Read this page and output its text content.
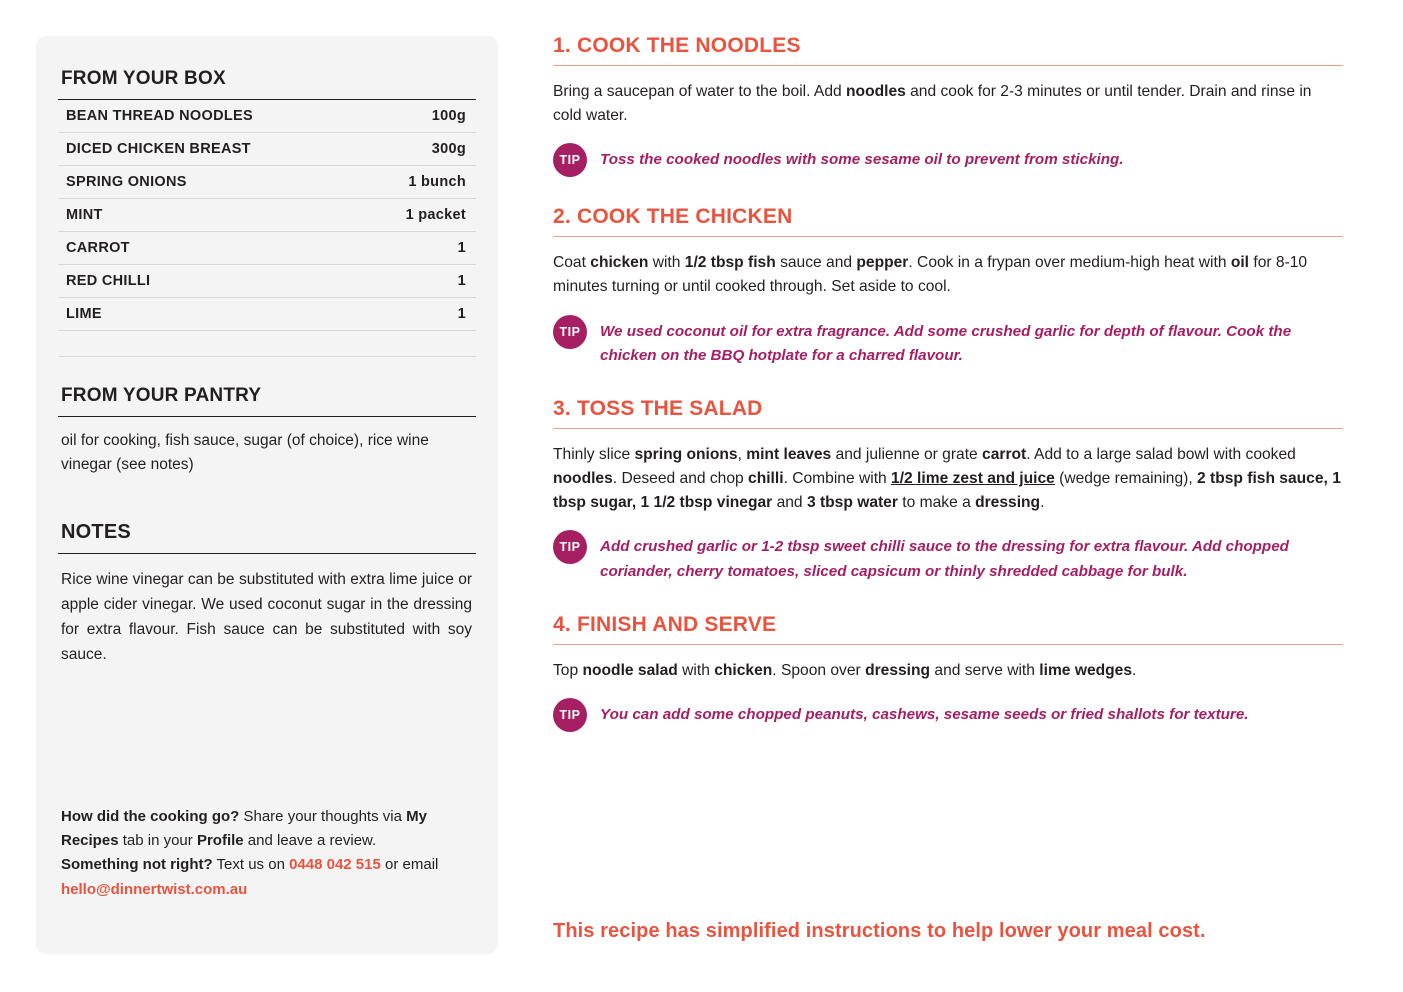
FROM YOUR BOX
BEAN THREAD NOODLES	100g
DICED CHICKEN BREAST	300g
SPRING ONIONS	1 bunch
MINT	1 packet
CARROT	1
RED CHILLI	1
LIME	1

FROM YOUR PANTRY

oil for cooking, fish sauce, sugar (of choice), rice wine vinegar (see notes)

NOTES

Rice wine vinegar can be substituted with extra lime juice or apple cider vinegar. We used coconut sugar in the dressing for extra flavour. Fish sauce can be substituted with soy sauce.

How did the cooking go? Share your thoughts via My Recipes tab in your Profile and leave a review.
Something not right? Text us on 0448 042 515 or email hello@dinnertwist.com.au
1. COOK THE NOODLES

Bring a saucepan of water to the boil. Add noodles and cook for 2-3 minutes or until tender. Drain and rinse in cold water.

TIP	Toss the cooked noodles with some sesame oil to prevent from sticking.
2. COOK THE CHICKEN

Coat chicken with 1/2 tbsp fish sauce and pepper. Cook in a frypan over medium-high heat with oil for 8-10 minutes turning or until cooked through. Set aside to cool.

TIP	We used coconut oil for extra fragrance. Add some crushed garlic for depth of flavour. Cook the chicken on the BBQ hotplate for a charred flavour.
3. TOSS THE SALAD

Thinly slice spring onions, mint leaves and julienne or grate carrot. Add to a large salad bowl with cooked noodles. Deseed and chop chilli. Combine with 1/2 lime zest and juice (wedge remaining), 2 tbsp fish sauce, 1 tbsp sugar, 1 1/2 tbsp vinegar and 3 tbsp water to make a dressing.

TIP	Add crushed garlic or 1-2 tbsp sweet chilli sauce to the dressing for extra flavour. Add chopped coriander, cherry tomatoes, sliced capsicum or thinly shredded cabbage for bulk.
4. FINISH AND SERVE

Top noodle salad with chicken. Spoon over dressing and serve with lime wedges.

TIP	You can add some chopped peanuts, cashews, sesame seeds or fried shallots for texture.
This recipe has simplified instructions to help lower your meal cost.
